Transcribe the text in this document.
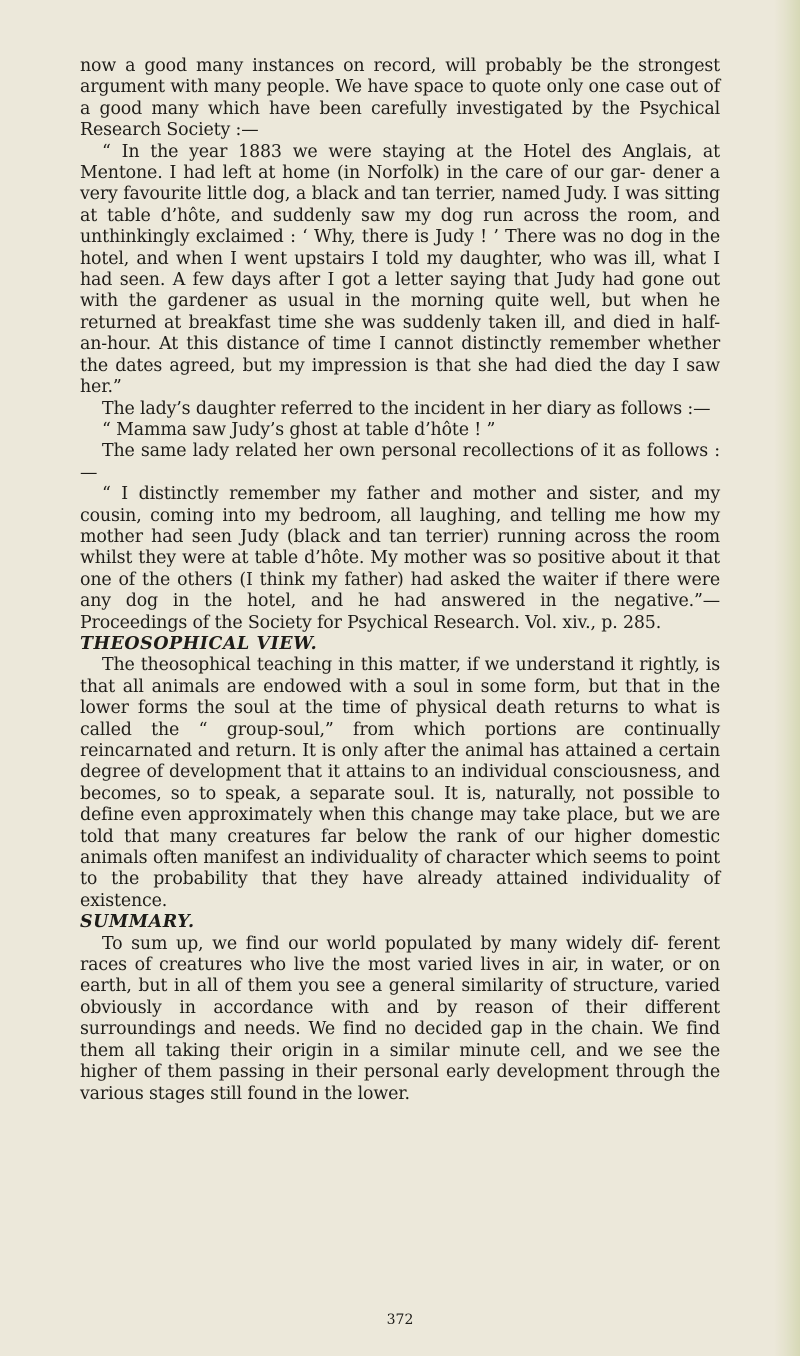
now a good many instances on record, will probably be the strongest argument with many people. We have space to quote only one case out of a good many which have been carefully investigated by the Psychical Research Society :—

“ In the year 1883 we were staying at the Hotel des Anglais, at Mentone. I had left at home (in Norfolk) in the care of our gar- dener a very favourite little dog, a black and tan terrier, named Judy. I was sitting at table d’hôte, and suddenly saw my dog run across the room, and unthinkingly exclaimed : ‘ Why, there is Judy ! ’ There was no dog in the hotel, and when I went upstairs I told my daughter, who was ill, what I had seen. A few days after I got a letter saying that Judy had gone out with the gardener as usual in the morning quite well, but when he returned at breakfast time she was suddenly taken ill, and died in half-an-hour. At this distance of time I cannot distinctly remember whether the dates agreed, but my impression is that she had died the day I saw her.”

The lady’s daughter referred to the incident in her diary as follows :—

“ Mamma saw Judy’s ghost at table d’hôte ! ”

The same lady related her own personal recollections of it as follows :—

“ I distinctly remember my father and mother and sister, and my cousin, coming into my bedroom, all laughing, and telling me how my mother had seen Judy (black and tan terrier) running across the room whilst they were at table d’hôte. My mother was so positive about it that one of the others (I think my father) had asked the waiter if there were any dog in the hotel, and he had answered in the negative.”—Proceedings of the Society for Psychical Research. Vol. xiv., p. 285.

THEOSOPHICAL VIEW.

The theosophical teaching in this matter, if we understand it rightly, is that all animals are endowed with a soul in some form, but that in the lower forms the soul at the time of physical death returns to what is called the “ group-soul,” from which portions are continually reincarnated and return. It is only after the animal has attained a certain degree of development that it attains to an individual consciousness, and becomes, so to speak, a separate soul. It is, naturally, not possible to define even approximately when this change may take place, but we are told that many creatures far below the rank of our higher domestic animals often manifest an individuality of character which seems to point to the probability that they have already attained individuality of existence.

SUMMARY.

To sum up, we find our world populated by many widely dif- ferent races of creatures who live the most varied lives in air, in water, or on earth, but in all of them you see a general similarity of structure, varied obviously in accordance with and by reason of their different surroundings and needs. We find no decided gap in the chain. We find them all taking their origin in a similar minute cell, and we see the higher of them passing in their personal early development through the various stages still found in the lower.

372
